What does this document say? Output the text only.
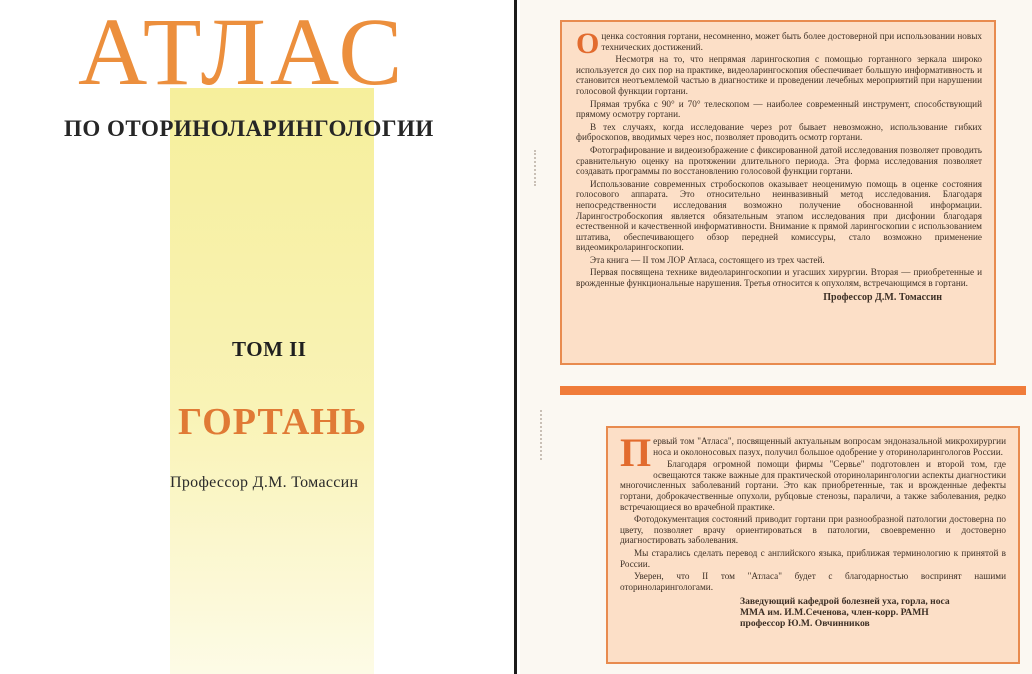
АТЛАС
ПО ОТОРИНОЛАРИНГОЛОГИИ
ТОМ II
ГОРТАНЬ
Профессор Д.М. Томассин

Оценка состояния гортани, несомненно, может быть более достоверной при использовании новых технических достижений.

Несмотря на то, что непрямая ларингоскопия с помощью гортанного зеркала широко используется до сих пор на практике, видеоларингоскопия обеспечивает большую информативность и становится неотъемлемой частью в диагностике и проведении лечебных мероприятий при нарушении голосовой функции гортани.

Прямая трубка с 90° и 70° телескопом — наиболее современный инструмент, способствующий прямому осмотру гортани.

В тех случаях, когда исследование через рот бывает невозможно, использование гибких фиброскопов, вводимых через нос, позволяет проводить осмотр гортани.

Фотографирование и видеоизображение с фиксированной датой исследования позволяет проводить сравнительную оценку на протяжении длительного периода. Эта форма исследования позволяет создавать программы по восстановлению голосовой функции гортани.

Использование современных стробоскопов оказывает неоценимую помощь в оценке состояния голосового аппарата. Это относительно неинвазивный метод исследования. Благодаря непосредственности исследования возможно получение обоснованной информации. Ларингостробоскопия является обязательным этапом исследования при дисфонии благодаря естественной и качественной информативности. Внимание к прямой ларингоскопии с использованием штатива, обеспечивающего обзор передней комиссуры, стало возможно применение видеомикроларингоскопии.

Эта книга — II том ЛОР Атласа, состоящего из трех частей.

Первая посвящена технике видеоларингоскопии и угасших хирургии. Вторая — приобретенные и врожденные функциональные нарушения. Третья относится к опухолям, встречающимся в гортани.

Профессор Д.М. Томассин

Первый том "Атласа", посвященный актуальным вопросам эндоназальной микрохирургии носа и околоносовых пазух, получил большое одобрение у оториноларингологов России.

Благодаря огромной помощи фирмы "Сервье" подготовлен и второй том, где освещаются также важные для практической оториноларингологии аспекты диагностики многочисленных заболеваний гортани. Это как приобретенные, так и врожденные дефекты гортани, доброкачественные опухоли, рубцовые стенозы, параличи, а также заболевания, редко встречающиеся во врачебной практике.

Фотодокументация состояний приводит гортани при разнообразной патологии достоверна по цвету, позволяет врачу ориентироваться в патологии, своевременно и достоверно диагностировать заболевания.

Мы старались сделать перевод с английского языка, приближая терминологию к принятой в России.

Уверен, что II том "Атласа" будет с благодарностью воспринят нашими оториноларингологами.

Заведующий кафедрой болезней уха, горла, носа
ММА им. И.М.Сеченова, член-корр. РАМН
профессор Ю.М. Овчинников
